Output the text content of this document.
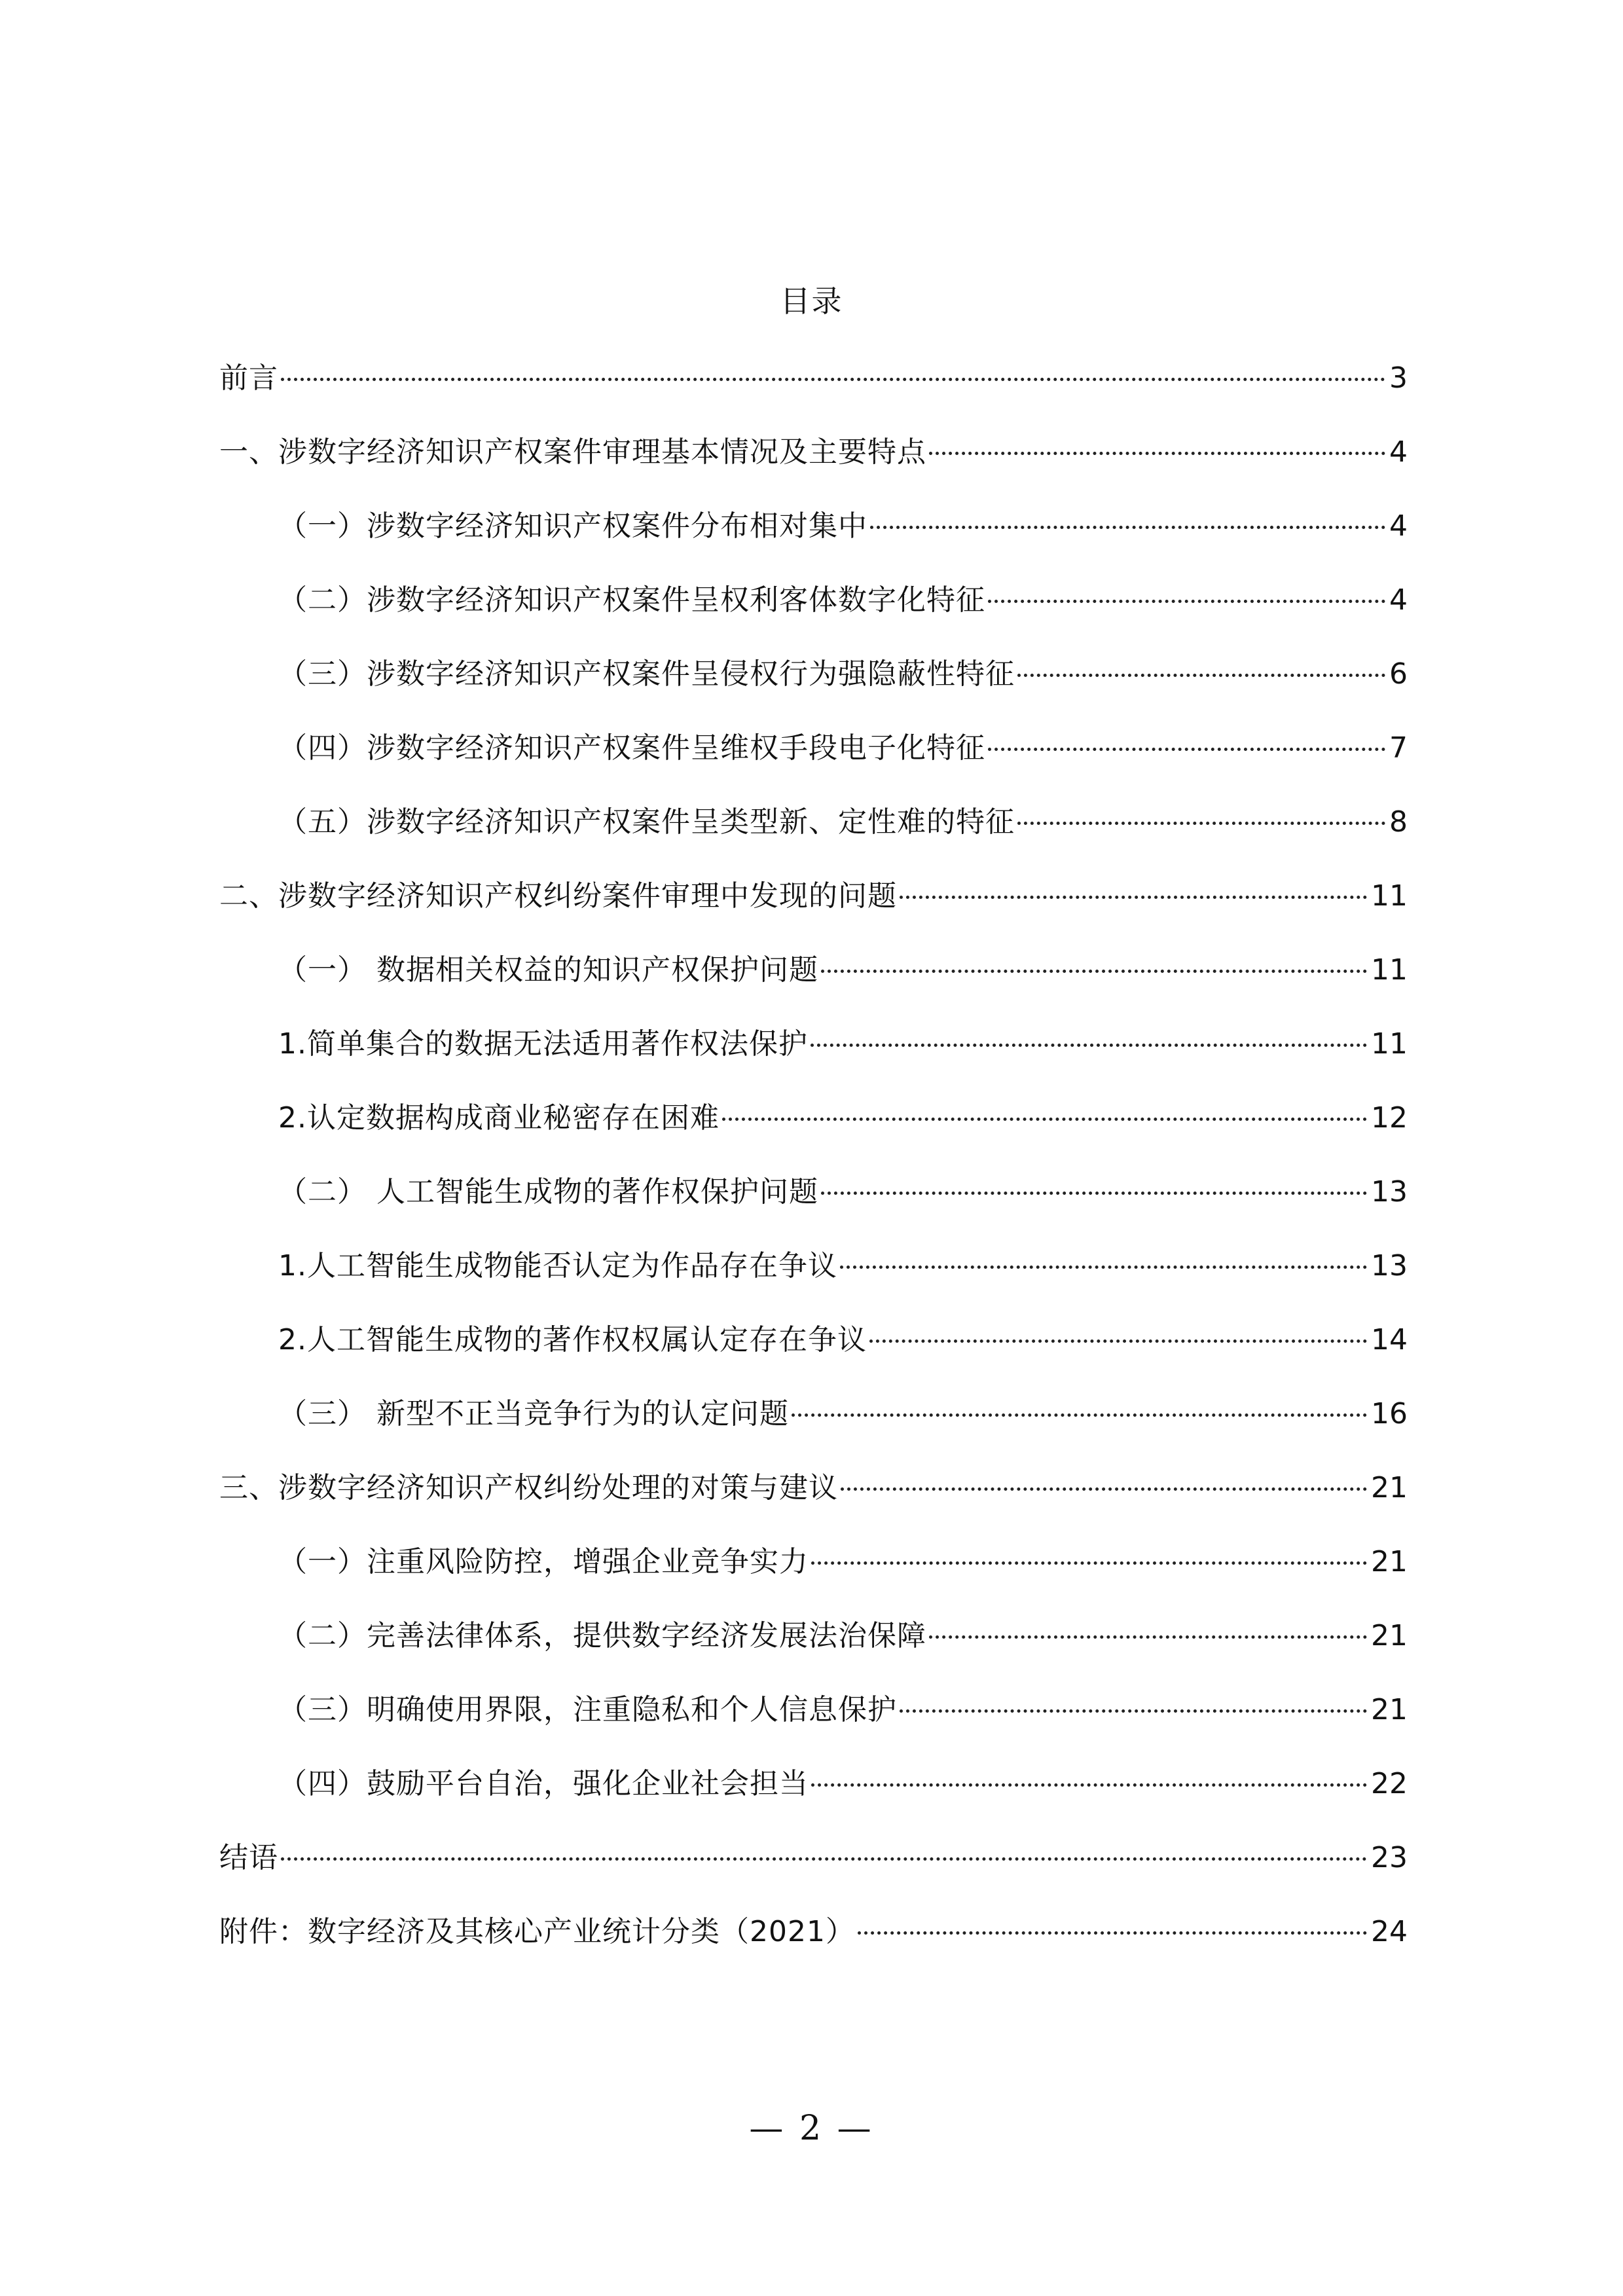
目录
前言	3
一、涉数字经济知识产权案件审理基本情况及主要特点	4
（一）涉数字经济知识产权案件分布相对集中	4
（二）涉数字经济知识产权案件呈权利客体数字化特征	4
（三）涉数字经济知识产权案件呈侵权行为强隐蔽性特征	6
（四）涉数字经济知识产权案件呈维权手段电子化特征	7
（五）涉数字经济知识产权案件呈类型新、定性难的特征	8
二、涉数字经济知识产权纠纷案件审理中发现的问题	11
（一） 数据相关权益的知识产权保护问题	11
1.简单集合的数据无法适用著作权法保护	11
2.认定数据构成商业秘密存在困难	12
（二） 人工智能生成物的著作权保护问题	13
1.人工智能生成物能否认定为作品存在争议	13
2.人工智能生成物的著作权权属认定存在争议	14
（三） 新型不正当竞争行为的认定问题	16
三、涉数字经济知识产权纠纷处理的对策与建议	21
（一）注重风险防控，增强企业竞争实力	21
（二）完善法律体系，提供数字经济发展法治保障	21
（三）明确使用界限，注重隐私和个人信息保护	21
（四）鼓励平台自治，强化企业社会担当	22
结语	23
附件：数字经济及其核心产业统计分类（2021）	24
— 2 —
